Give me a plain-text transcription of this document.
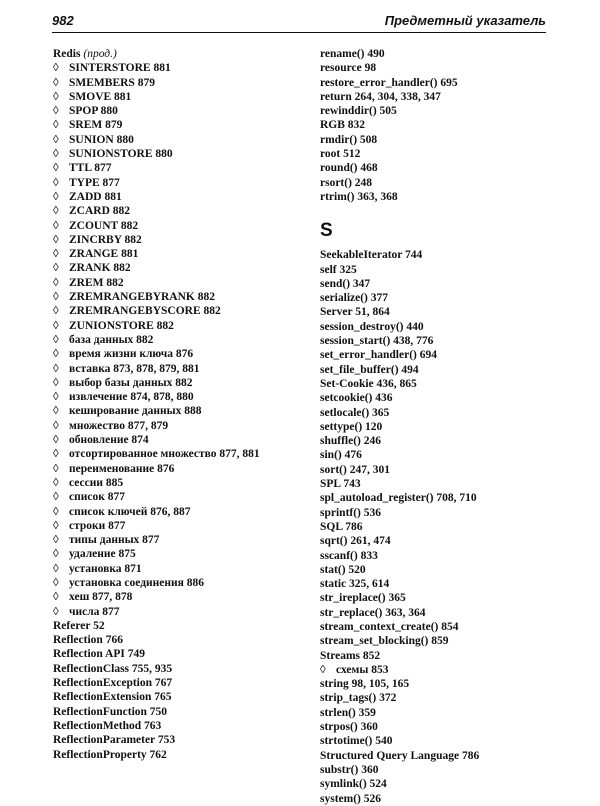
982	Предметный указатель
Redis (прод.)
◊ SINTERSTORE 881
◊ SMEMBERS 879
◊ SMOVE 881
◊ SPOP 880
◊ SREM 879
◊ SUNION 880
◊ SUNIONSTORE 880
◊ TTL 877
◊ TYPE 877
◊ ZADD 881
◊ ZCARD 882
◊ ZCOUNT 882
◊ ZINCRBY 882
◊ ZRANGE 881
◊ ZRANK 882
◊ ZREM 882
◊ ZREMRANGEBYRANK 882
◊ ZREMRANGEBYSCORE 882
◊ ZUNIONSTORE 882
◊ база данных 882
◊ время жизни ключа 876
◊ вставка 873, 878, 879, 881
◊ выбор базы данных 882
◊ извлечение 874, 878, 880
◊ кеширование данных 888
◊ множество 877, 879
◊ обновление 874
◊ отсортированное множество 877, 881
◊ переименование 876
◊ сессии 885
◊ список 877
◊ список ключей 876, 887
◊ строки 877
◊ типы данных 877
◊ удаление 875
◊ установка 871
◊ установка соединения 886
◊ хеш 877, 878
◊ числа 877
Referer 52
Reflection 766
Reflection API 749
ReflectionClass 755, 935
ReflectionException 767
ReflectionExtension 765
ReflectionFunction 750
ReflectionMethod 763
ReflectionParameter 753
ReflectionProperty 762
rename() 490
resource 98
restore_error_handler() 695
return 264, 304, 338, 347
rewinddir() 505
RGB 832
rmdir() 508
root 512
round() 468
rsort() 248
rtrim() 363, 368
S
SeekableIterator 744
self 325
send() 347
serialize() 377
Server 51, 864
session_destroy() 440
session_start() 438, 776
set_error_handler() 694
set_file_buffer() 494
Set-Cookie 436, 865
setcookie() 436
setlocale() 365
settype() 120
shuffle() 246
sin() 476
sort() 247, 301
SPL 743
spl_autoload_register() 708, 710
sprintf() 536
SQL 786
sqrt() 261, 474
sscanf() 833
stat() 520
static 325, 614
str_ireplace() 365
str_replace() 363, 364
stream_context_create() 854
stream_set_blocking() 859
Streams 852
◊ схемы 853
string 98, 105, 165
strip_tags() 372
strlen() 359
strpos() 360
strtotime() 540
Structured Query Language 786
substr() 360
symlink() 524
system() 526
